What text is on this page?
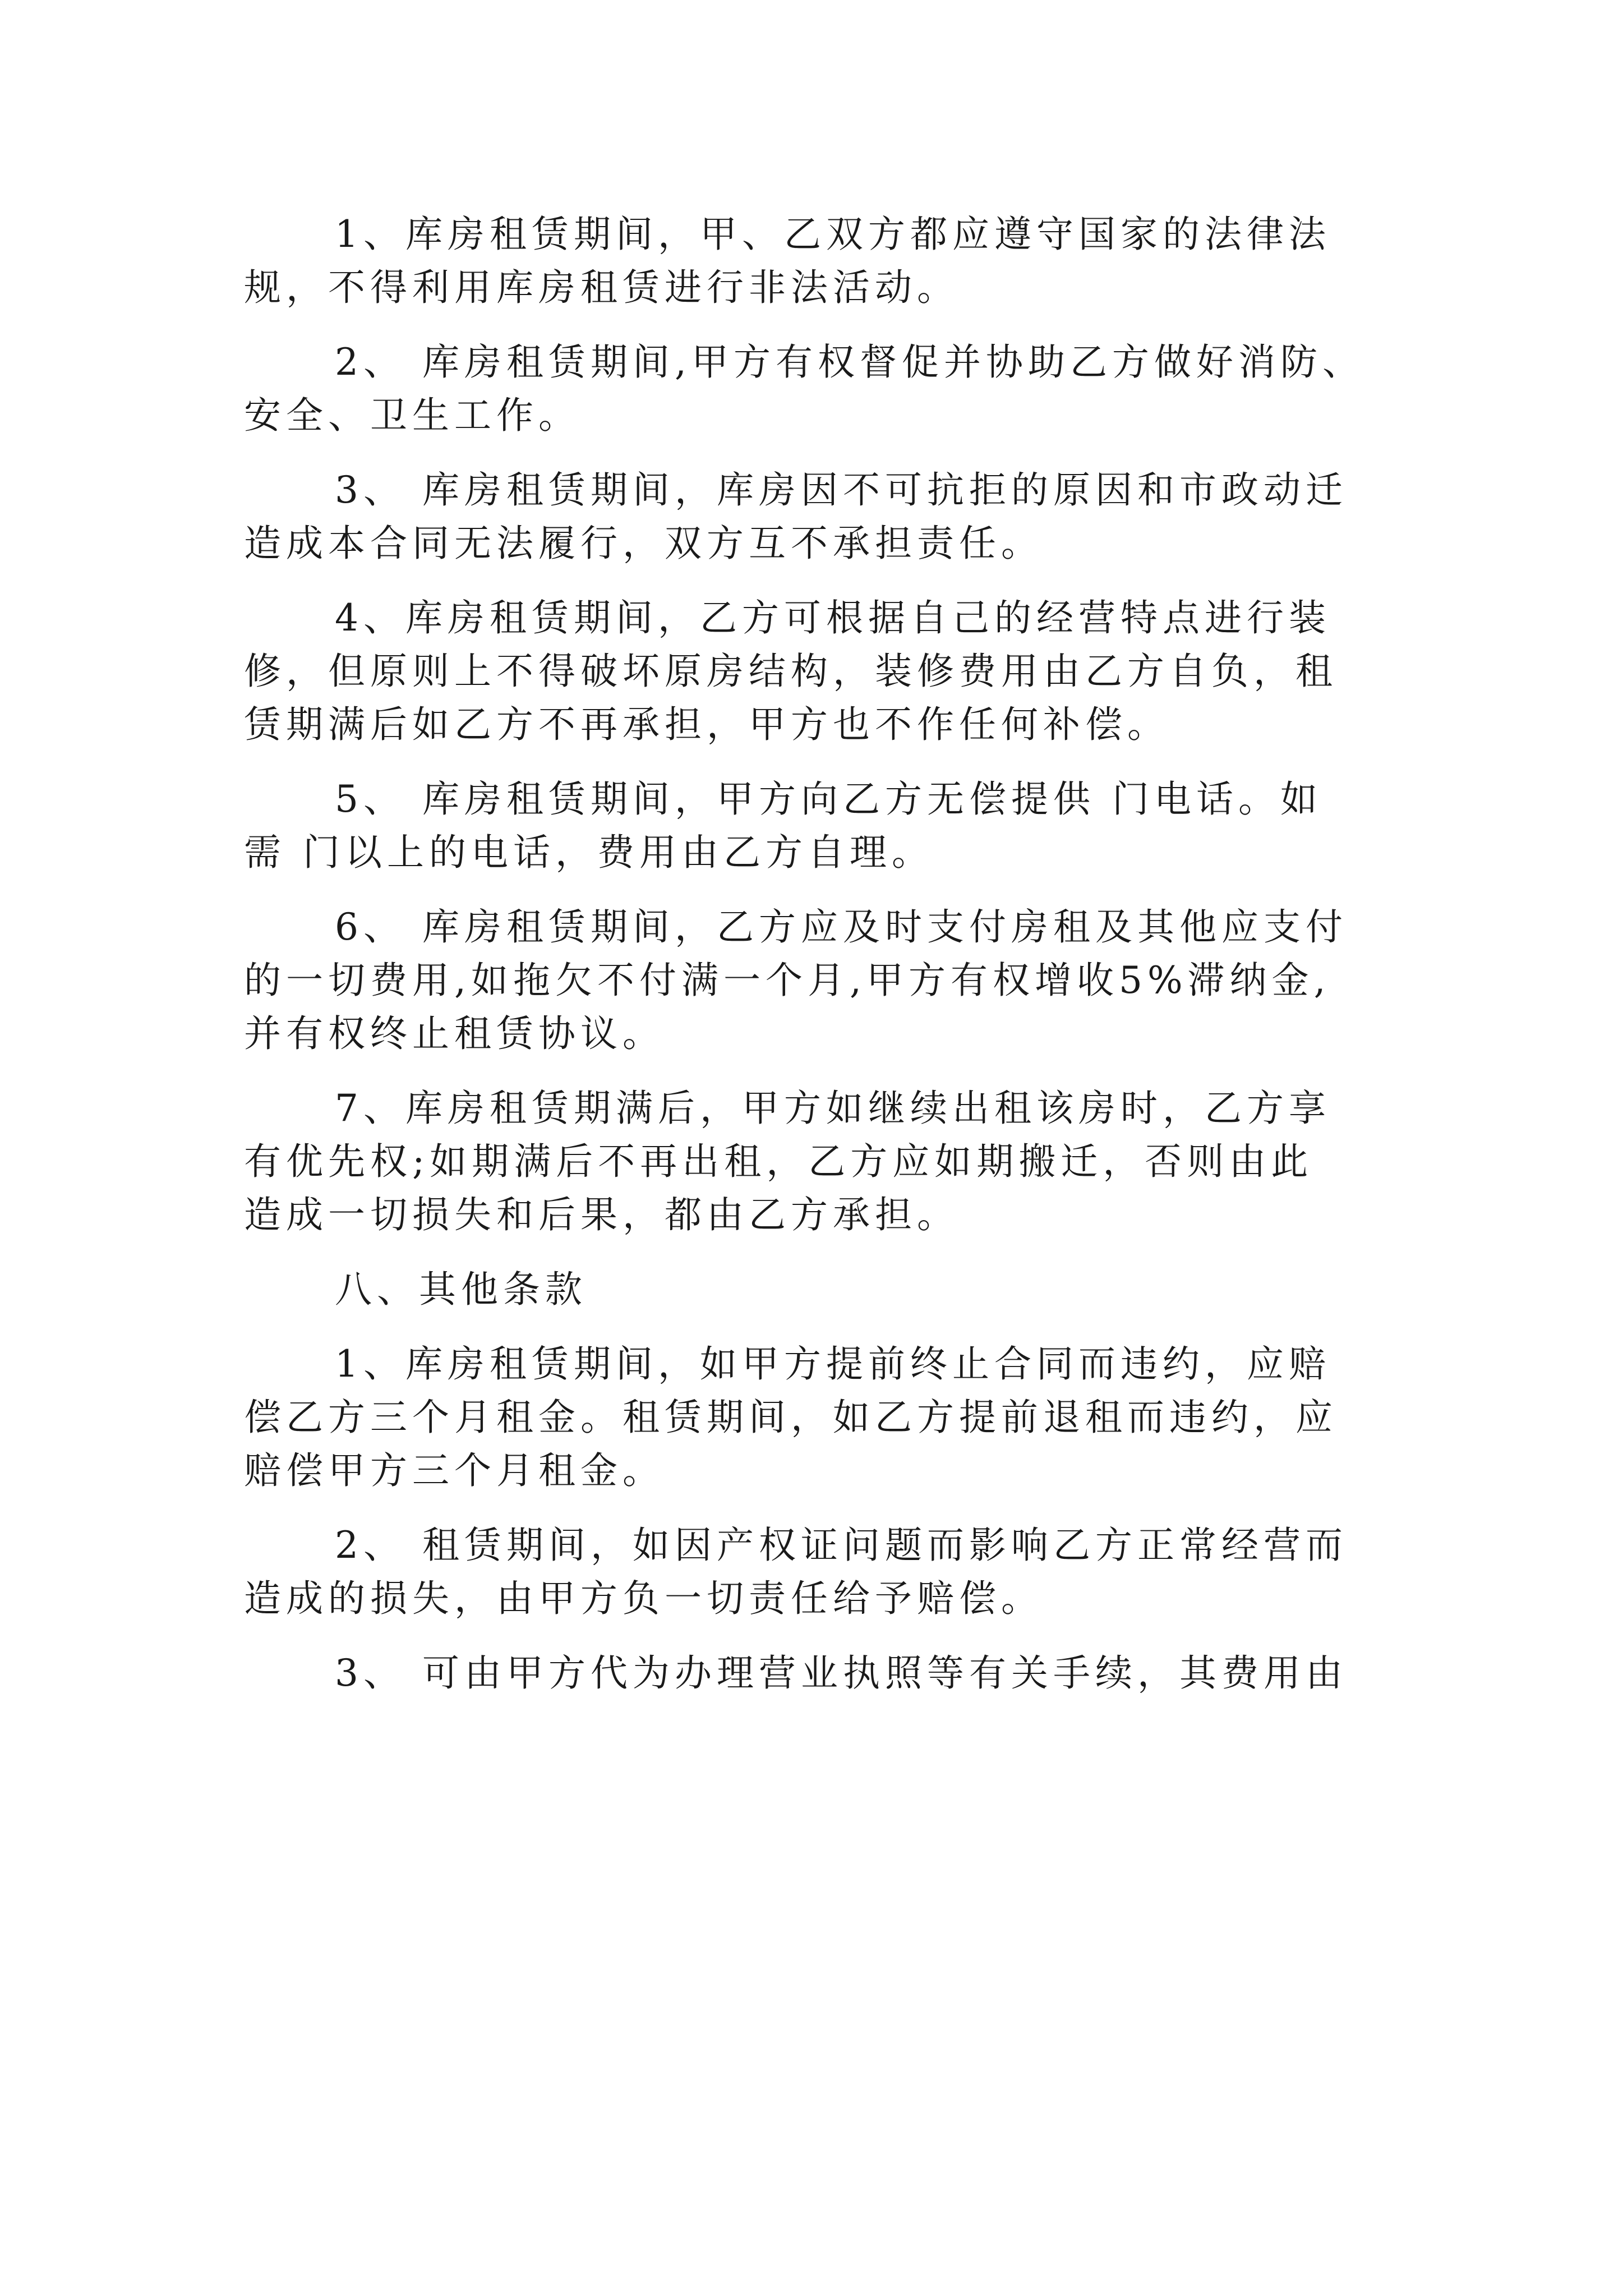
1、库房租赁期间，甲、乙双方都应遵守国家的法律法
规，不得利用库房租赁进行非法活动。

2、 库房租赁期间,甲方有权督促并协助乙方做好消防、
安全、卫生工作。

3、 库房租赁期间，库房因不可抗拒的原因和市政动迁
造成本合同无法履行，双方互不承担责任。

4、库房租赁期间，乙方可根据自己的经营特点进行装
修，但原则上不得破坏原房结构，装修费用由乙方自负，租
赁期满后如乙方不再承担，甲方也不作任何补偿。

5、 库房租赁期间，甲方向乙方无偿提供 门电话。如
需 门以上的电话，费用由乙方自理。

6、 库房租赁期间，乙方应及时支付房租及其他应支付
的一切费用,如拖欠不付满一个月,甲方有权增收5%滞纳金,
并有权终止租赁协议。

7、库房租赁期满后，甲方如继续出租该房时，乙方享
有优先权;如期满后不再出租，乙方应如期搬迁，否则由此
造成一切损失和后果，都由乙方承担。

八、其他条款

1、库房租赁期间，如甲方提前终止合同而违约，应赔
偿乙方三个月租金。租赁期间，如乙方提前退租而违约，应
赔偿甲方三个月租金。

2、 租赁期间，如因产权证问题而影响乙方正常经营而
造成的损失，由甲方负一切责任给予赔偿。

3、 可由甲方代为办理营业执照等有关手续，其费用由
